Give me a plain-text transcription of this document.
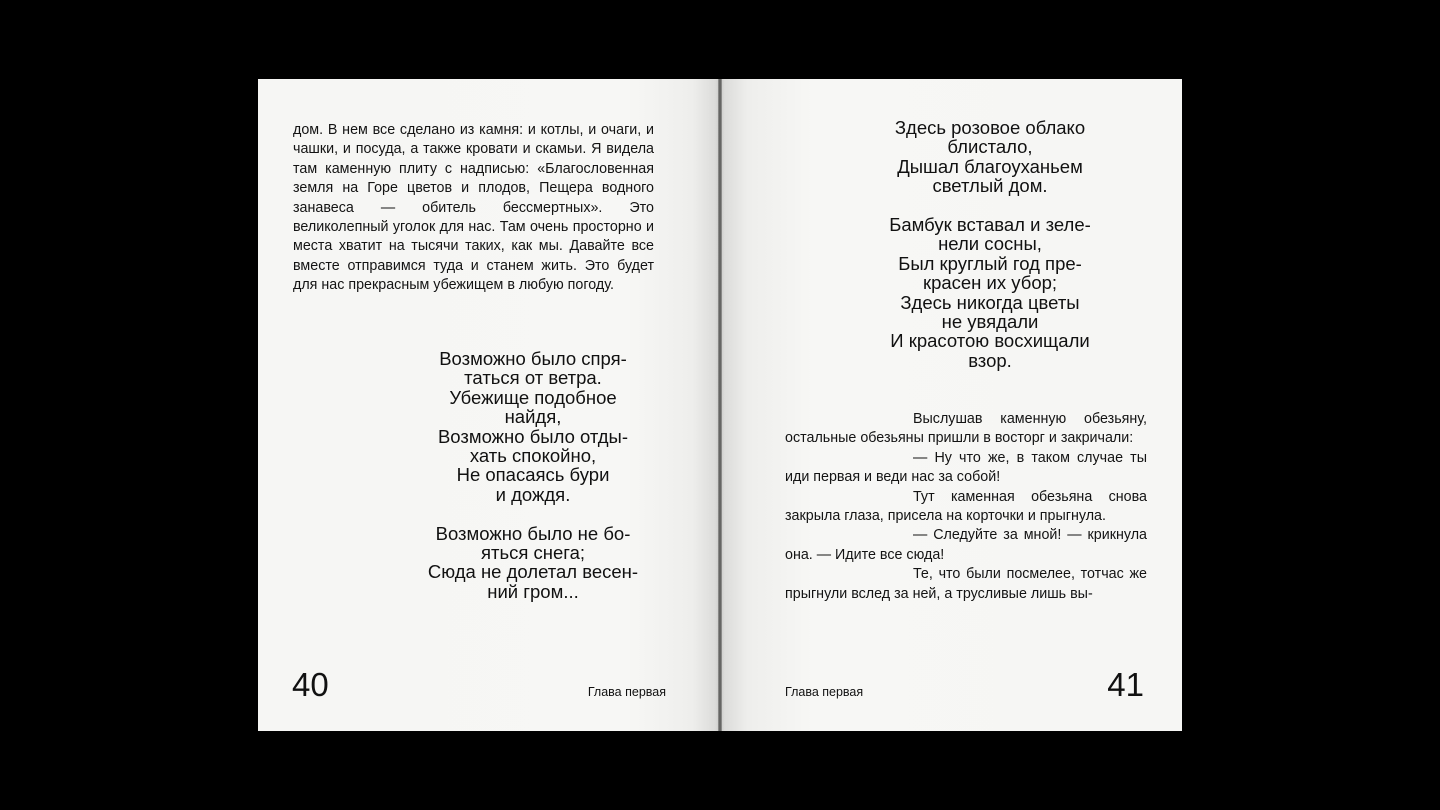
дом. В нем все сделано из камня: и котлы, и очаги, и чашки, и посуда, а также кровати и скамьи. Я видела там каменную плиту с надписью: «Благословенная земля на Горе цветов и плодов, Пещера водного занавеса — обитель бессмертных». Это великолепный уголок для нас. Там очень просторно и места хватит на тысячи таких, как мы. Давайте все вместе отправимся туда и станем жить. Это будет для нас прекрасным убежищем в любую погоду.

Возможно было спря-
таться от ветра.
Убежище подобное
найдя,
Возможно было отды-
хать спокойно,
Не опасаясь бури
и дождя.
Возможно было не бо-
яться снега;
Сюда не долетал весен-
ний гром...
40	Глава первая
Здесь розовое облако
блистало,
Дышал благоуханьем
светлый дом.
Бамбук вставал и зеле-
нели сосны,
Был круглый год пре-
красен их убор;
Здесь никогда цветы
не увядали
И красотою восхищали
взор.

Выслушав каменную обезьяну, остальные обезьяны пришли в восторг и закричали:

— Ну что же, в таком случае ты иди первая и веди нас за собой!

Тут каменная обезьяна снова закрыла глаза, присела на корточки и прыгнула.

— Следуйте за мной! — крикнула она. — Идите все сюда!

Те, что были посмелее, тотчас же прыгнули вслед за ней, а трусливые лишь вы-

Глава первая	41
